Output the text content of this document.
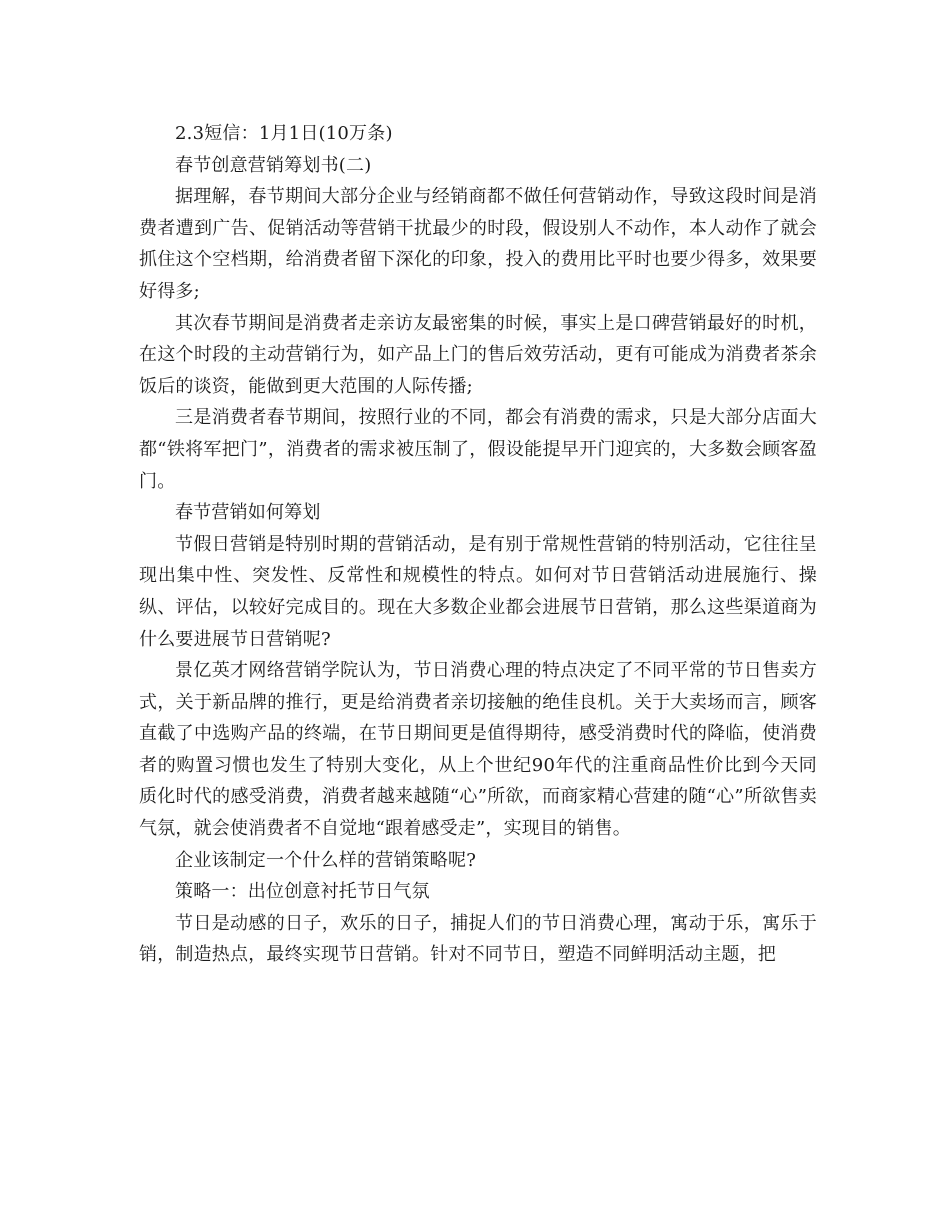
2.3短信：1月1日(10万条)

春节创意营销筹划书(二)

据理解，春节期间大部分企业与经销商都不做任何营销动作，导致这段时间是消费者遭到广告、促销活动等营销干扰最少的时段，假设别人不动作，本人动作了就会抓住这个空档期，给消费者留下深化的印象，投入的费用比平时也要少得多，效果要好得多;

其次春节期间是消费者走亲访友最密集的时候，事实上是口碑营销最好的时机，在这个时段的主动营销行为，如产品上门的售后效劳活动，更有可能成为消费者茶余饭后的谈资，能做到更大范围的人际传播;

三是消费者春节期间，按照行业的不同，都会有消费的需求，只是大部分店面大都“铁将军把门”，消费者的需求被压制了，假设能提早开门迎宾的，大多数会顾客盈门。

春节营销如何筹划

节假日营销是特别时期的营销活动，是有别于常规性营销的特别活动，它往往呈现出集中性、突发性、反常性和规模性的特点。如何对节日营销活动进展施行、操纵、评估，以较好完成目的。现在大多数企业都会进展节日营销，那么这些渠道商为什么要进展节日营销呢?

景亿英才网络营销学院认为，节日消费心理的特点决定了不同平常的节日售卖方式，关于新品牌的推行，更是给消费者亲切接触的绝佳良机。关于大卖场而言，顾客直截了中选购产品的终端，在节日期间更是值得期待，感受消费时代的降临，使消费者的购置习惯也发生了特别大变化，从上个世纪90年代的注重商品性价比到今天同质化时代的感受消费，消费者越来越随“心”所欲，而商家精心营建的随“心”所欲售卖气氛，就会使消费者不自觉地“跟着感受走”，实现目的销售。

企业该制定一个什么样的营销策略呢?

策略一：出位创意衬托节日气氛

节日是动感的日子，欢乐的日子，捕捉人们的节日消费心理，寓动于乐，寓乐于销，制造热点，最终实现节日营销。针对不同节日，塑造不同鲜明活动主题，把
